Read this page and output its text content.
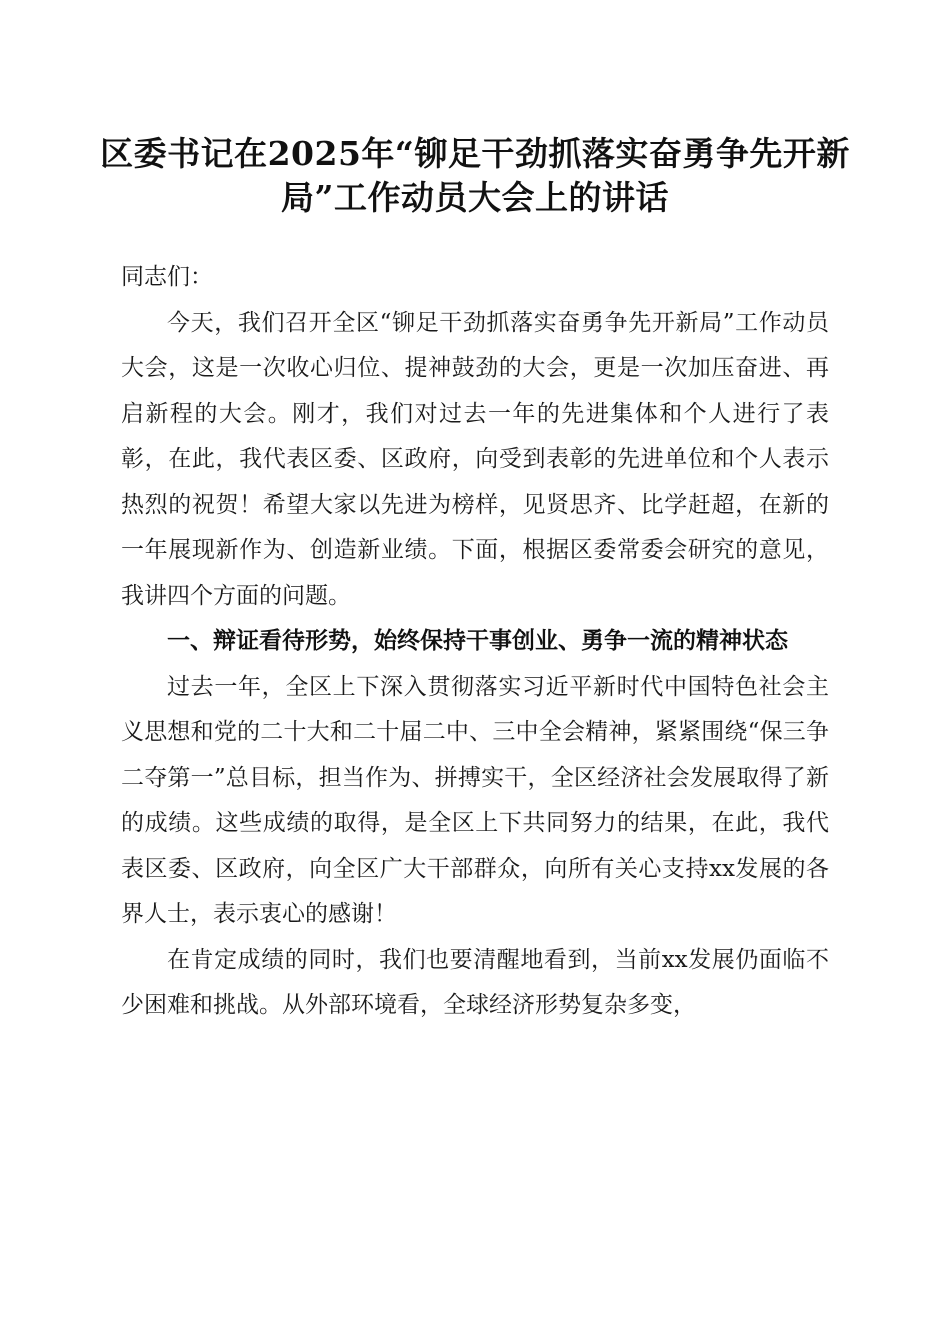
区委书记在2025年“铆足干劲抓落实奋勇争先开新局”工作动员大会上的讲话

同志们：

今天，我们召开全区“铆足干劲抓落实奋勇争先开新局”工作动员大会，这是一次收心归位、提神鼓劲的大会，更是一次加压奋进、再启新程的大会。刚才，我们对过去一年的先进集体和个人进行了表彰，在此，我代表区委、区政府，向受到表彰的先进单位和个人表示热烈的祝贺！希望大家以先进为榜样，见贤思齐、比学赶超，在新的一年展现新作为、创造新业绩。下面，根据区委常委会研究的意见，我讲四个方面的问题。

一、辩证看待形势，始终保持干事创业、勇争一流的精神状态

过去一年，全区上下深入贯彻落实习近平新时代中国特色社会主义思想和党的二十大和二十届二中、三中全会精神，紧紧围绕“保三争二夺第一”总目标，担当作为、拼搏实干，全区经济社会发展取得了新的成绩。这些成绩的取得，是全区上下共同努力的结果，在此，我代表区委、区政府，向全区广大干部群众，向所有关心支持xx发展的各界人士，表示衷心的感谢！

在肯定成绩的同时，我们也要清醒地看到，当前xx发展仍面临不少困难和挑战。从外部环境看，全球经济形势复杂多变，
